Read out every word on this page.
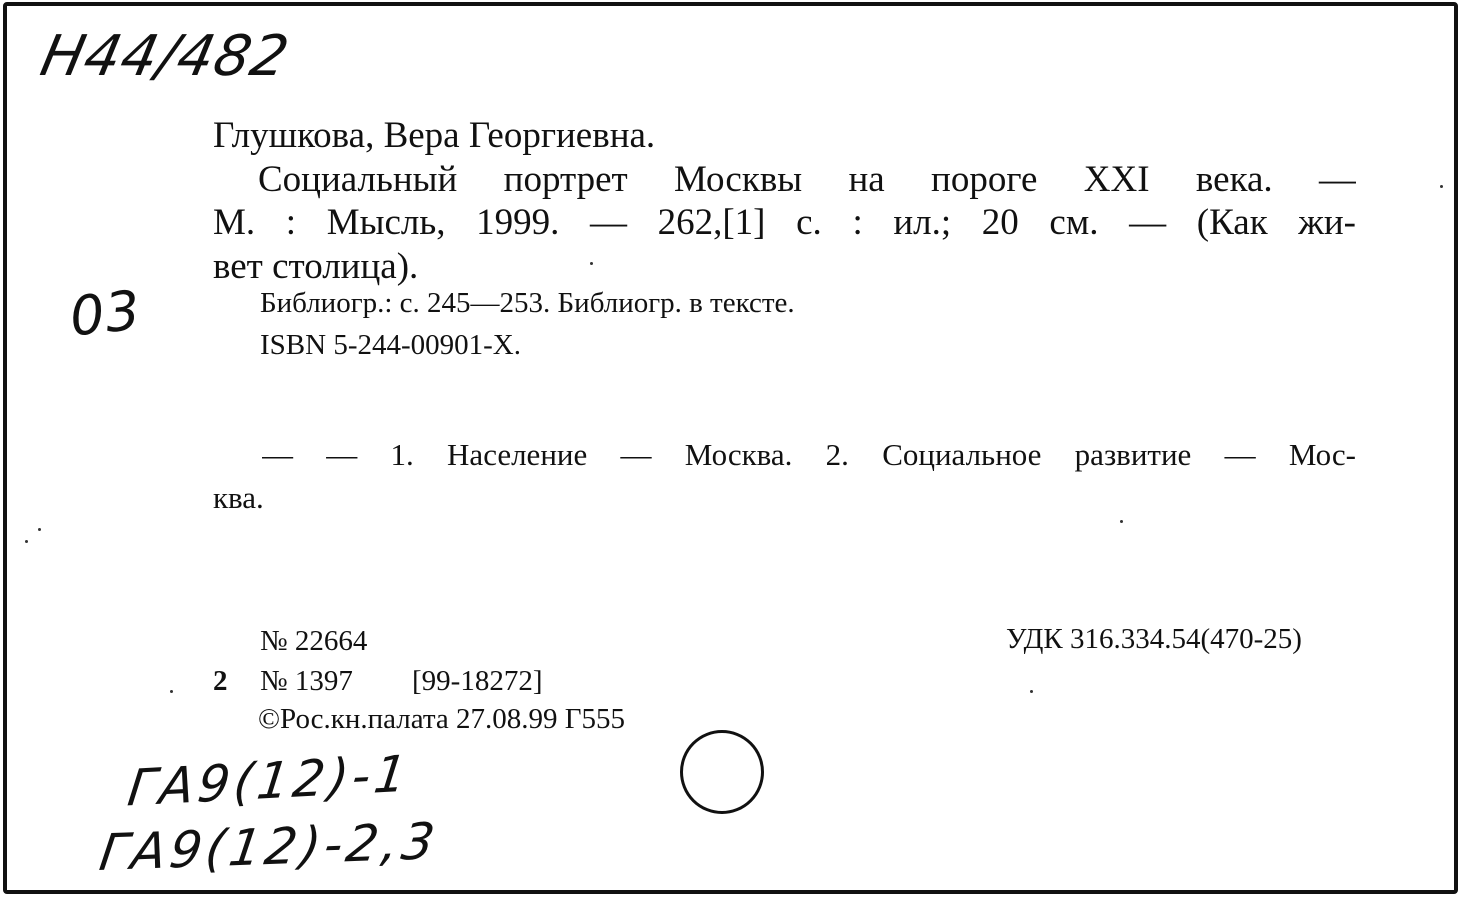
H44/482
03
ГА9(12)-1
ГА9(12)-2,3
Глушкова, Вера Георгиевна.
Социальный портрет Москвы на пороге XXI века. —
М. : Мысль, 1999. — 262,[1] с. : ил.; 20 см. — (Как жи-
вет столица).
Библиогр.: с. 245—253. Библиогр. в тексте.
ISBN 5-244-00901-X.
— — 1. Население — Москва. 2. Социальное развитие — Мос-
ква.
№ 22664	УДК 316.334.54(470-25)
2 № 1397 [99-18272]
©Рос.кн.палата 27.08.99 Г555
